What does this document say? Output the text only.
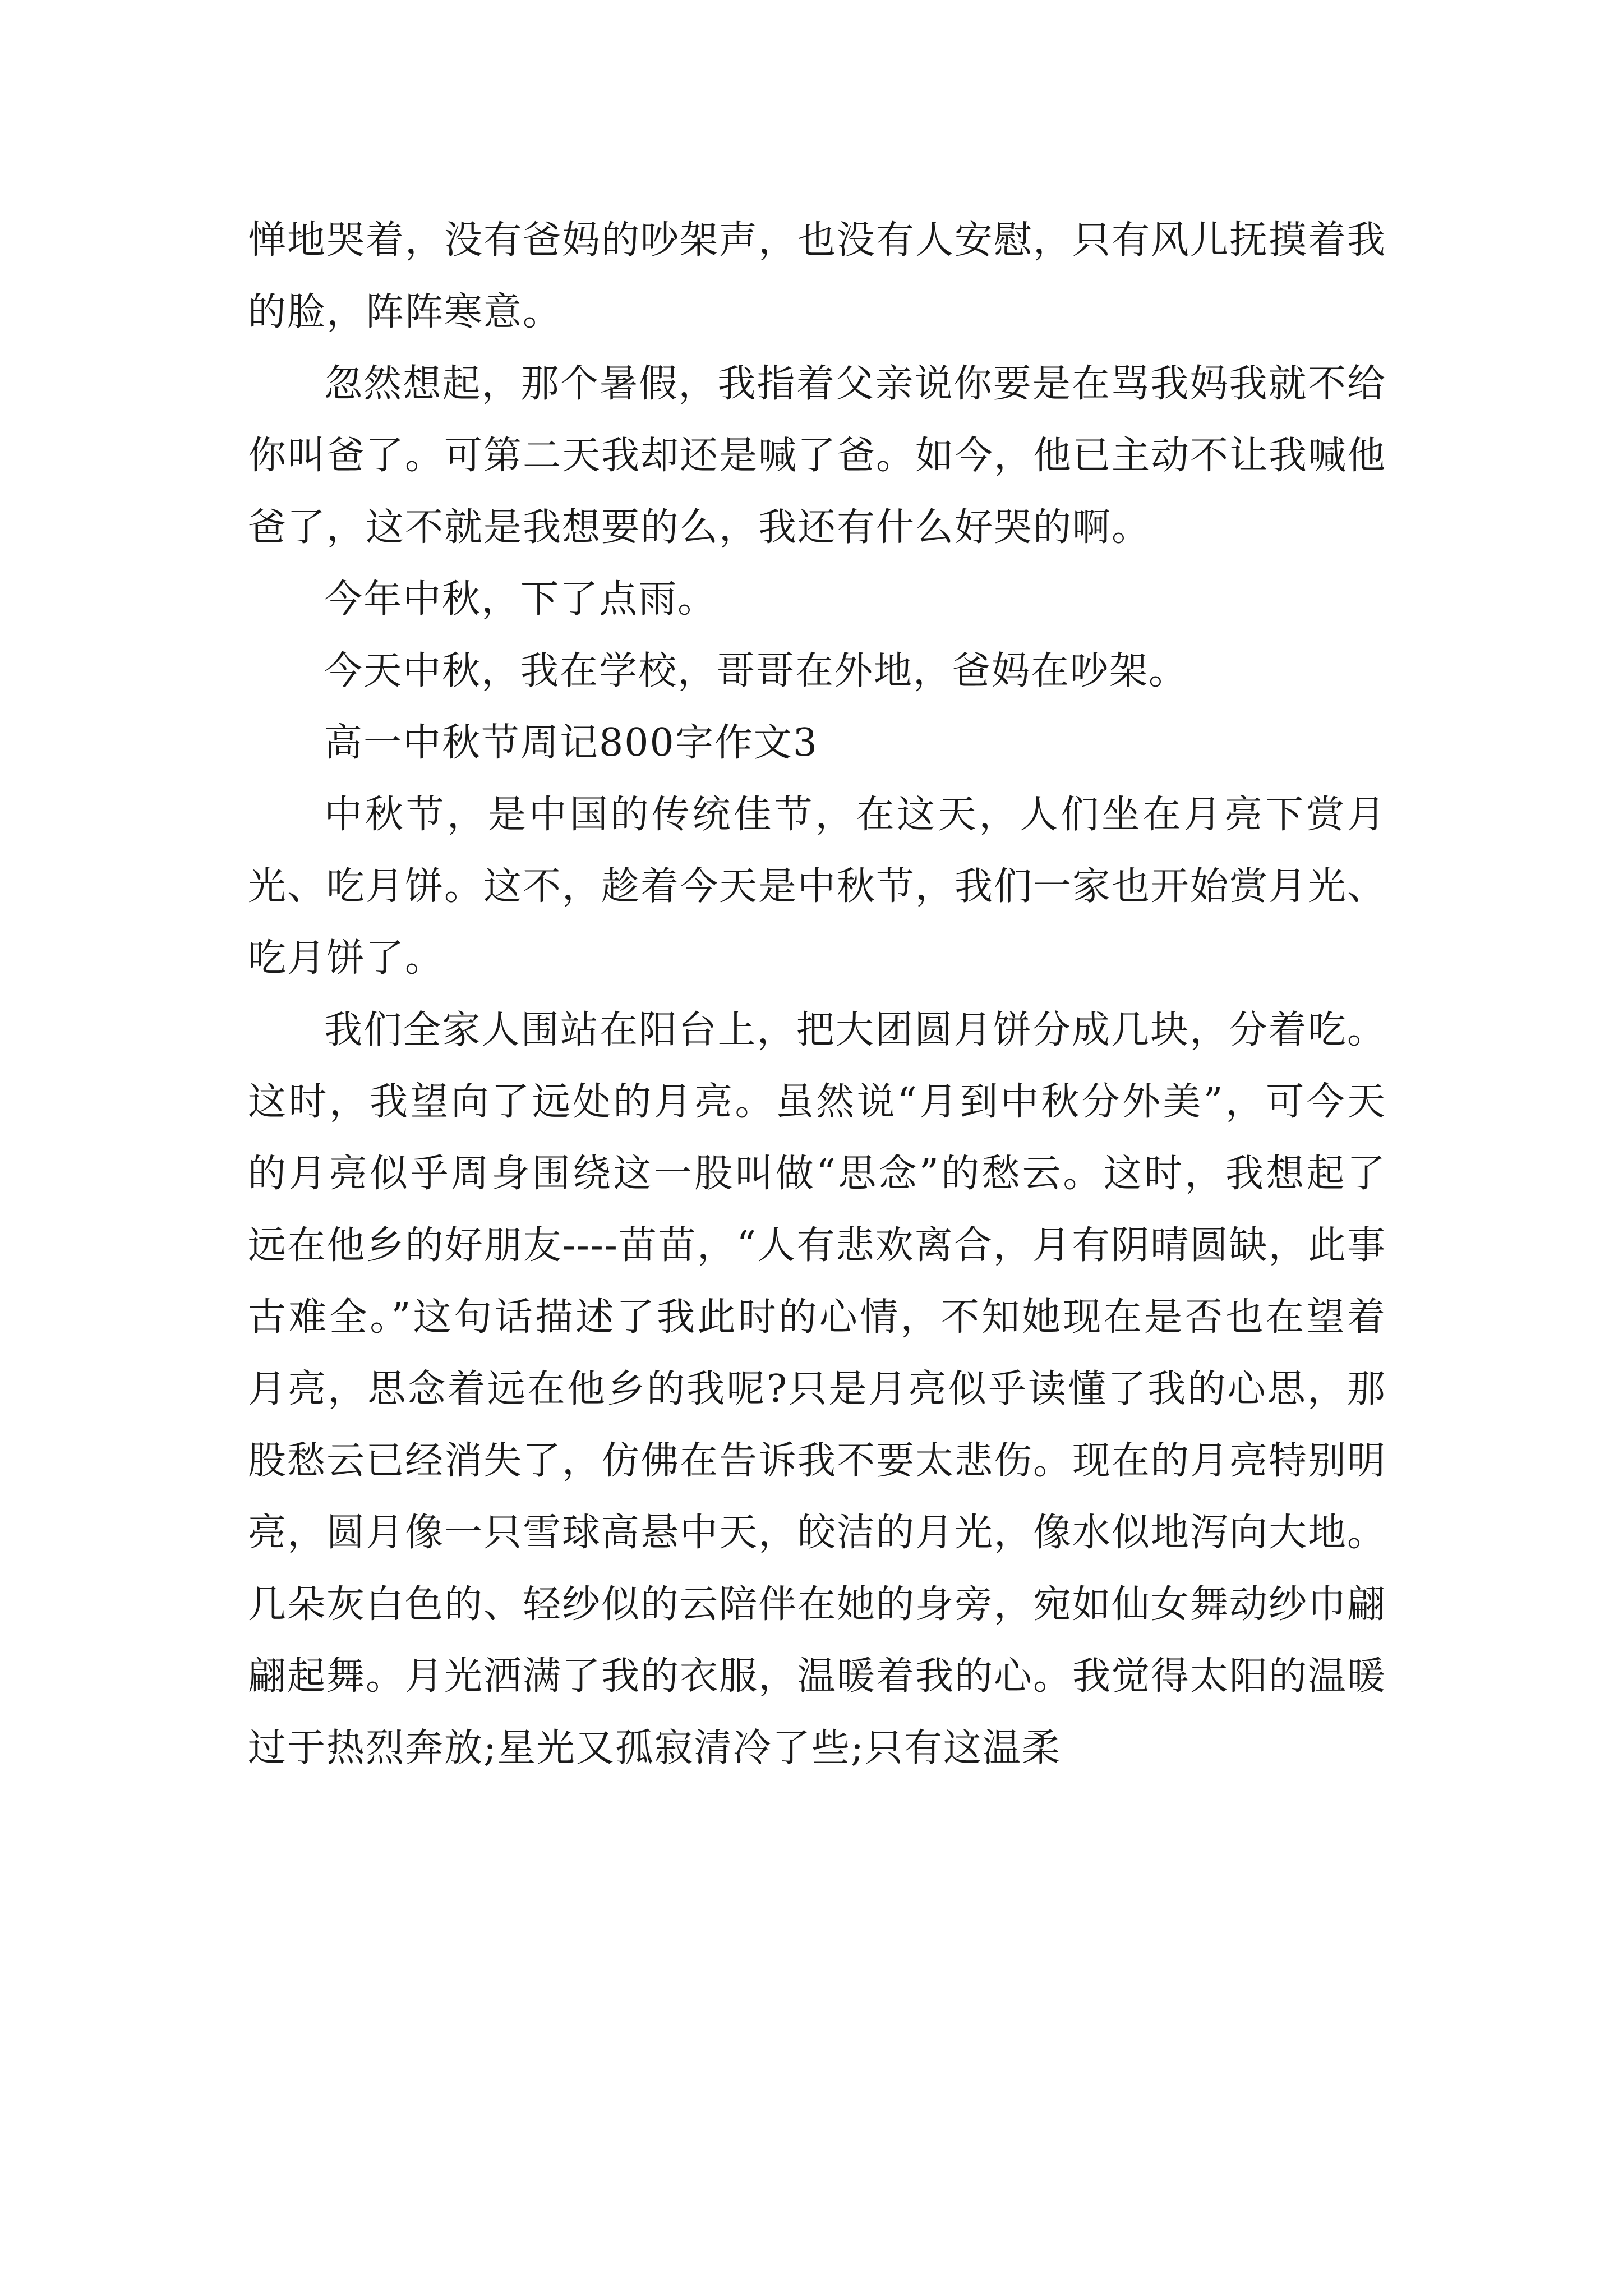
惮地哭着，没有爸妈的吵架声，也没有人安慰，只有风儿抚摸着我的脸，阵阵寒意。

忽然想起，那个暑假，我指着父亲说你要是在骂我妈我就不给你叫爸了。可第二天我却还是喊了爸。如今，他已主动不让我喊他爸了，这不就是我想要的么，我还有什么好哭的啊。

今年中秋，下了点雨。

今天中秋，我在学校，哥哥在外地，爸妈在吵架。

高一中秋节周记800字作文3

中秋节，是中国的传统佳节，在这天，人们坐在月亮下赏月光、吃月饼。这不，趁着今天是中秋节，我们一家也开始赏月光、吃月饼了。

我们全家人围站在阳台上，把大团圆月饼分成几块，分着吃。这时，我望向了远处的月亮。虽然说“月到中秋分外美”，可今天的月亮似乎周身围绕这一股叫做“思念”的愁云。这时，我想起了远在他乡的好朋友----苗苗，“人有悲欢离合，月有阴晴圆缺，此事古难全。”这句话描述了我此时的心情，不知她现在是否也在望着月亮，思念着远在他乡的我呢?只是月亮似乎读懂了我的心思，那股愁云已经消失了，仿佛在告诉我不要太悲伤。现在的月亮特别明亮，圆月像一只雪球高悬中天，皎洁的月光，像水似地泻向大地。几朵灰白色的、轻纱似的云陪伴在她的身旁，宛如仙女舞动纱巾翩翩起舞。月光洒满了我的衣服，温暖着我的心。我觉得太阳的温暖过于热烈奔放;星光又孤寂清冷了些;只有这温柔
